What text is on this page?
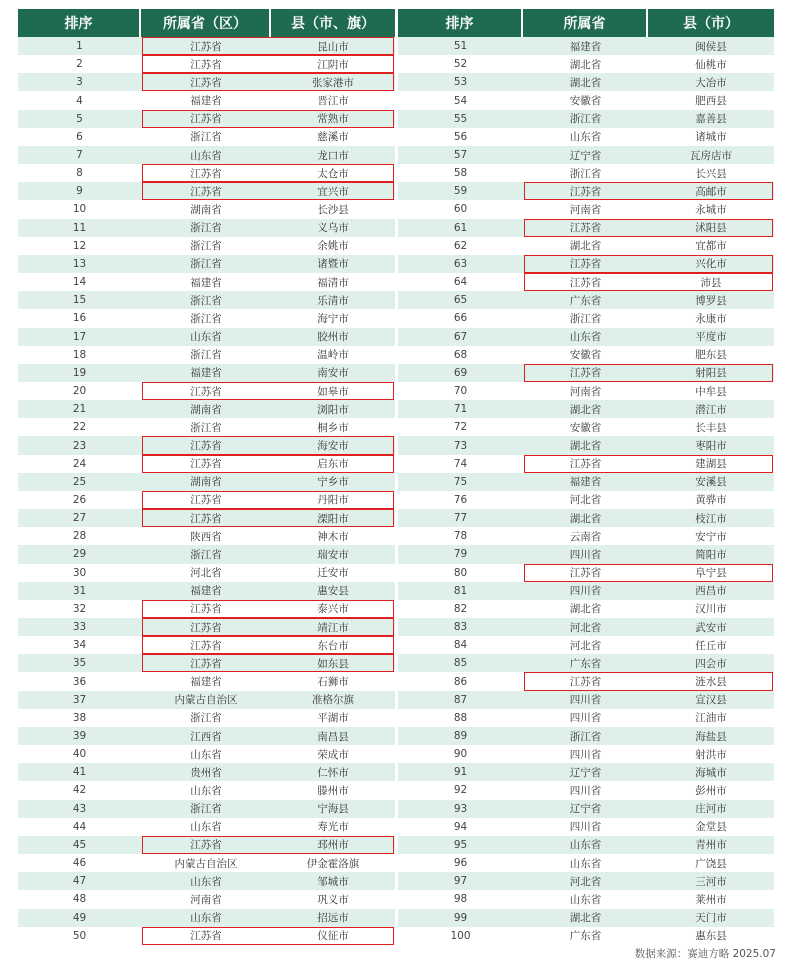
排序	所属省（区）	县（市、旗）
1	江苏省	昆山市
2	江苏省	江阴市
3	江苏省	张家港市
4	福建省	晋江市
5	江苏省	常熟市
6	浙江省	慈溪市
7	山东省	龙口市
8	江苏省	太仓市
9	江苏省	宜兴市
10	湖南省	长沙县
11	浙江省	义乌市
12	浙江省	余姚市
13	浙江省	诸暨市
14	福建省	福清市
15	浙江省	乐清市
16	浙江省	海宁市
17	山东省	胶州市
18	浙江省	温岭市
19	福建省	南安市
20	江苏省	如皋市
21	湖南省	浏阳市
22	浙江省	桐乡市
23	江苏省	海安市
24	江苏省	启东市
25	湖南省	宁乡市
26	江苏省	丹阳市
27	江苏省	溧阳市
28	陕西省	神木市
29	浙江省	瑞安市
30	河北省	迁安市
31	福建省	惠安县
32	江苏省	泰兴市
33	江苏省	靖江市
34	江苏省	东台市
35	江苏省	如东县
36	福建省	石狮市
37	内蒙古自治区	准格尔旗
38	浙江省	平湖市
39	江西省	南昌县
40	山东省	荣成市
41	贵州省	仁怀市
42	山东省	滕州市
43	浙江省	宁海县
44	山东省	寿光市
45	江苏省	邳州市
46	内蒙古自治区	伊金霍洛旗
47	山东省	邹城市
48	河南省	巩义市
49	山东省	招远市
50	江苏省	仪征市
排序	所属省	县（市）
51	福建省	闽侯县
52	湖北省	仙桃市
53	湖北省	大冶市
54	安徽省	肥西县
55	浙江省	嘉善县
56	山东省	诸城市
57	辽宁省	瓦房店市
58	浙江省	长兴县
59	江苏省	高邮市
60	河南省	永城市
61	江苏省	沭阳县
62	湖北省	宜都市
63	江苏省	兴化市
64	江苏省	沛县
65	广东省	博罗县
66	浙江省	永康市
67	山东省	平度市
68	安徽省	肥东县
69	江苏省	射阳县
70	河南省	中牟县
71	湖北省	潜江市
72	安徽省	长丰县
73	湖北省	枣阳市
74	江苏省	建湖县
75	福建省	安溪县
76	河北省	黄骅市
77	湖北省	枝江市
78	云南省	安宁市
79	四川省	简阳市
80	江苏省	阜宁县
81	四川省	西昌市
82	湖北省	汉川市
83	河北省	武安市
84	河北省	任丘市
85	广东省	四会市
86	江苏省	涟水县
87	四川省	宣汉县
88	四川省	江油市
89	浙江省	海盐县
90	四川省	射洪市
91	辽宁省	海城市
92	四川省	彭州市
93	辽宁省	庄河市
94	四川省	金堂县
95	山东省	青州市
96	山东省	广饶县
97	河北省	三河市
98	山东省	莱州市
99	湖北省	天门市
100	广东省	惠东县
数据来源：赛迪方略 2025.07
